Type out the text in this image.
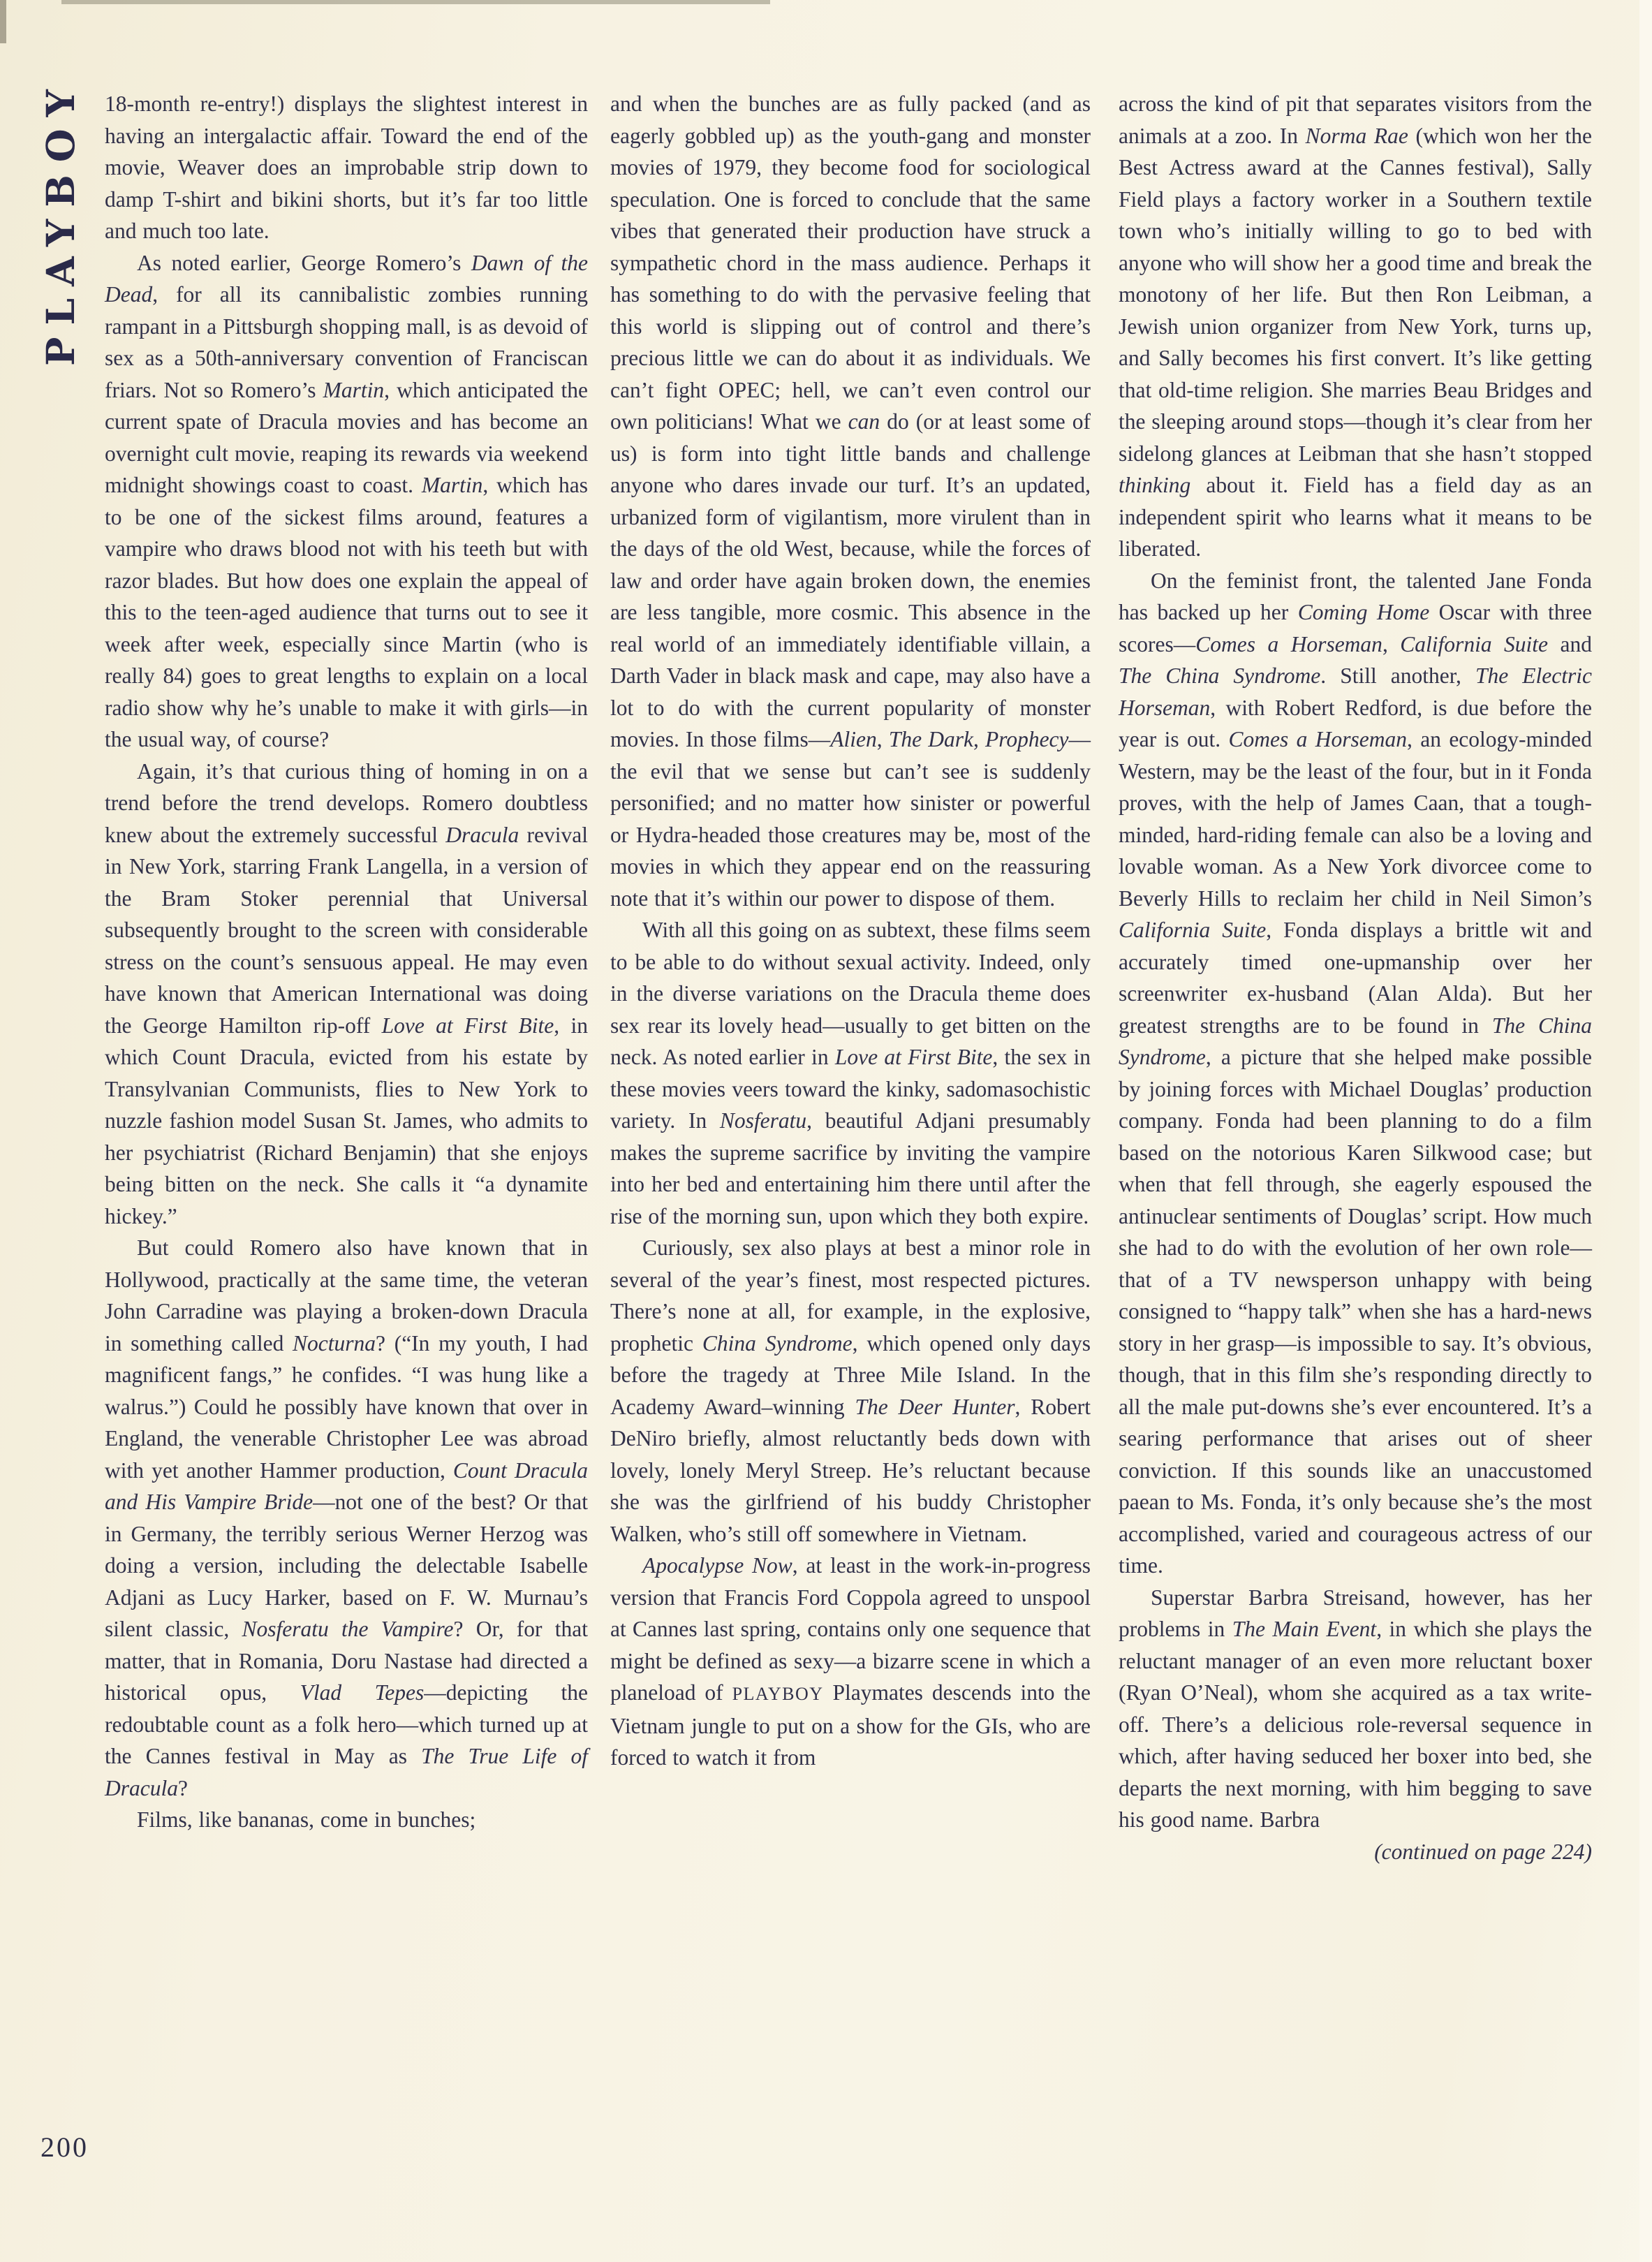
PLAYBOY 18-month re-entry!) displays the slightest interest in having an intergalactic affair. Toward the end of the movie, Weaver does an improbable strip down to damp T-shirt and bikini shorts, but it’s far too little and much too late.

As noted earlier, George Romero’s Dawn of the Dead, for all its cannibalistic zombies running rampant in a Pittsburgh shopping mall, is as devoid of sex as a 50th-anniversary convention of Franciscan friars. Not so Romero’s Martin, which anticipated the current spate of Dracula movies and has become an overnight cult movie, reaping its rewards via weekend midnight showings coast to coast. Martin, which has to be one of the sickest films around, features a vampire who draws blood not with his teeth but with razor blades. But how does one explain the appeal of this to the teen-aged audience that turns out to see it week after week, especially since Martin (who is really 84) goes to great lengths to explain on a local radio show why he’s unable to make it with girls—in the usual way, of course?

Again, it’s that curious thing of homing in on a trend before the trend develops. Romero doubtless knew about the extremely successful Dracula revival in New York, starring Frank Langella, in a version of the Bram Stoker perennial that Universal subsequently brought to the screen with considerable stress on the count’s sensuous appeal. He may even have known that American International was doing the George Hamilton rip-off Love at First Bite, in which Count Dracula, evicted from his estate by Transylvanian Communists, flies to New York to nuzzle fashion model Susan St. James, who admits to her psychiatrist (Richard Benjamin) that she enjoys being bitten on the neck. She calls it “a dynamite hickey.”

But could Romero also have known that in Hollywood, practically at the same time, the veteran John Carradine was playing a broken-down Dracula in something called Nocturna? (“In my youth, I had magnificent fangs,” he confides. “I was hung like a walrus.”) Could he possibly have known that over in England, the venerable Christopher Lee was abroad with yet another Hammer production, Count Dracula and His Vampire Bride—not one of the best? Or that in Germany, the terribly serious Werner Herzog was doing a version, including the delectable Isabelle Adjani as Lucy Harker, based on F. W. Murnau’s silent classic, Nosferatu the Vampire? Or, for that matter, that in Romania, Doru Nastase had directed a historical opus, Vlad Tepes—depicting the redoubtable count as a folk hero—which turned up at the Cannes festival in May as The True Life of Dracula?

Films, like bananas, come in bunches;

and when the bunches are as fully packed (and as eagerly gobbled up) as the youth-gang and monster movies of 1979, they become food for sociological speculation. One is forced to conclude that the same vibes that generated their production have struck a sympathetic chord in the mass audience. Perhaps it has something to do with the pervasive feeling that this world is slipping out of control and there’s precious little we can do about it as individuals. We can’t fight OPEC; hell, we can’t even control our own politicians! What we can do (or at least some of us) is form into tight little bands and challenge anyone who dares invade our turf. It’s an updated, urbanized form of vigilantism, more virulent than in the days of the old West, because, while the forces of law and order have again broken down, the enemies are less tangible, more cosmic. This absence in the real world of an immediately identifiable villain, a Darth Vader in black mask and cape, may also have a lot to do with the current popularity of monster movies. In those films—Alien, The Dark, Prophecy—the evil that we sense but can’t see is suddenly personified; and no matter how sinister or powerful or Hydra-headed those creatures may be, most of the movies in which they appear end on the reassuring note that it’s within our power to dispose of them.

With all this going on as subtext, these films seem to be able to do without sexual activity. Indeed, only in the diverse variations on the Dracula theme does sex rear its lovely head—usually to get bitten on the neck. As noted earlier in Love at First Bite, the sex in these movies veers toward the kinky, sadomasochistic variety. In Nosferatu, beautiful Adjani presumably makes the supreme sacrifice by inviting the vampire into her bed and entertaining him there until after the rise of the morning sun, upon which they both expire.

Curiously, sex also plays at best a minor role in several of the year’s finest, most respected pictures. There’s none at all, for example, in the explosive, prophetic China Syndrome, which opened only days before the tragedy at Three Mile Island. In the Academy Award–winning The Deer Hunter, Robert DeNiro briefly, almost reluctantly beds down with lovely, lonely Meryl Streep. He’s reluctant because she was the girlfriend of his buddy Christopher Walken, who’s still off somewhere in Vietnam.

Apocalypse Now, at least in the work-in-progress version that Francis Ford Coppola agreed to unspool at Cannes last spring, contains only one sequence that might be defined as sexy—a bizarre scene in which a planeload of PLAYBOY Playmates descends into the Vietnam jungle to put on a show for the GIs, who are forced to watch it from

across the kind of pit that separates visitors from the animals at a zoo. In Norma Rae (which won her the Best Actress award at the Cannes festival), Sally Field plays a factory worker in a Southern textile town who’s initially willing to go to bed with anyone who will show her a good time and break the monotony of her life. But then Ron Leibman, a Jewish union organizer from New York, turns up, and Sally becomes his first convert. It’s like getting that old-time religion. She marries Beau Bridges and the sleeping around stops—though it’s clear from her sidelong glances at Leibman that she hasn’t stopped thinking about it. Field has a field day as an independent spirit who learns what it means to be liberated.

On the feminist front, the talented Jane Fonda has backed up her Coming Home Oscar with three scores—Comes a Horseman, California Suite and The China Syndrome. Still another, The Electric Horseman, with Robert Redford, is due before the year is out. Comes a Horseman, an ecology-minded Western, may be the least of the four, but in it Fonda proves, with the help of James Caan, that a tough-minded, hard-riding female can also be a loving and lovable woman. As a New York divorcee come to Beverly Hills to reclaim her child in Neil Simon’s California Suite, Fonda displays a brittle wit and accurately timed one-upmanship over her screenwriter ex-husband (Alan Alda). But her greatest strengths are to be found in The China Syndrome, a picture that she helped make possible by joining forces with Michael Douglas’ production company. Fonda had been planning to do a film based on the notorious Karen Silkwood case; but when that fell through, she eagerly espoused the antinuclear sentiments of Douglas’ script. How much she had to do with the evolution of her own role—that of a TV newsperson unhappy with being consigned to “happy talk” when she has a hard-news story in her grasp—is impossible to say. It’s obvious, though, that in this film she’s responding directly to all the male put-downs she’s ever encountered. It’s a searing performance that arises out of sheer conviction. If this sounds like an unaccustomed paean to Ms. Fonda, it’s only because she’s the most accomplished, varied and courageous actress of our time.

Superstar Barbra Streisand, however, has her problems in The Main Event, in which she plays the reluctant manager of an even more reluctant boxer (Ryan O’Neal), whom she acquired as a tax write-off. There’s a delicious role-reversal sequence in which, after having seduced her boxer into bed, she departs the next morning, with him begging to save his good name. Barbra

(continued on page 224)

200
